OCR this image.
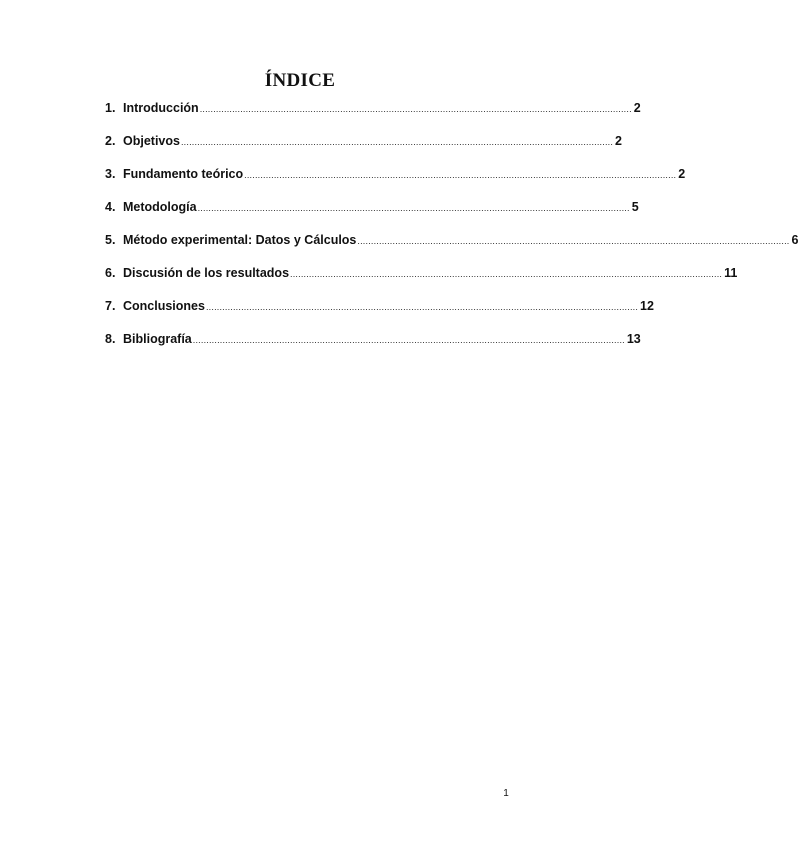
ÍNDICE
1. Introducción ................................................................................................................................................................ 2
2. Objetivos ................................................................................................................................................................ 2
3. Fundamento teórico ................................................................................................................................................................ 2
4. Metodología ................................................................................................................................................................ 5
5. Método experimental: Datos y Cálculos ................................................................................................................................................................ 6
6. Discusión de los resultados ................................................................................................................................................................ 11
7. Conclusiones ................................................................................................................................................................ 12
8. Bibliografía ................................................................................................................................................................ 13
1
